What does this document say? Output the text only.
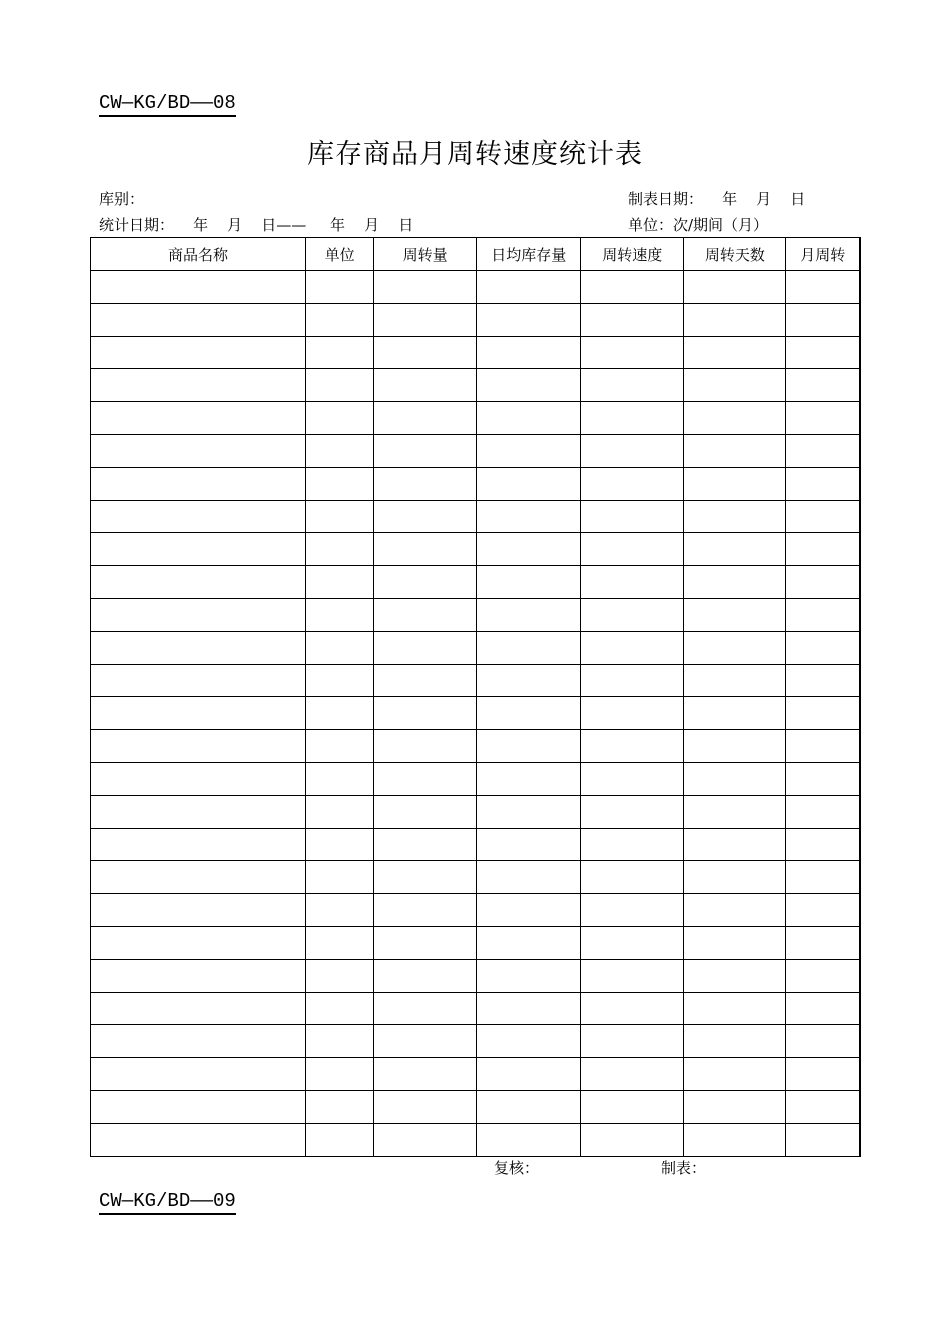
CW—KG/BD——08
库存商品月周转速度统计表
库别：	制表日期：    年    月    日
统计日期：    年    月    日——     年    月    日	单位：次/期间（月）
商品名称	单位	周转量	日均库存量	周转速度	周转天数	月周转

复核：	制表：
CW—KG/BD——09
